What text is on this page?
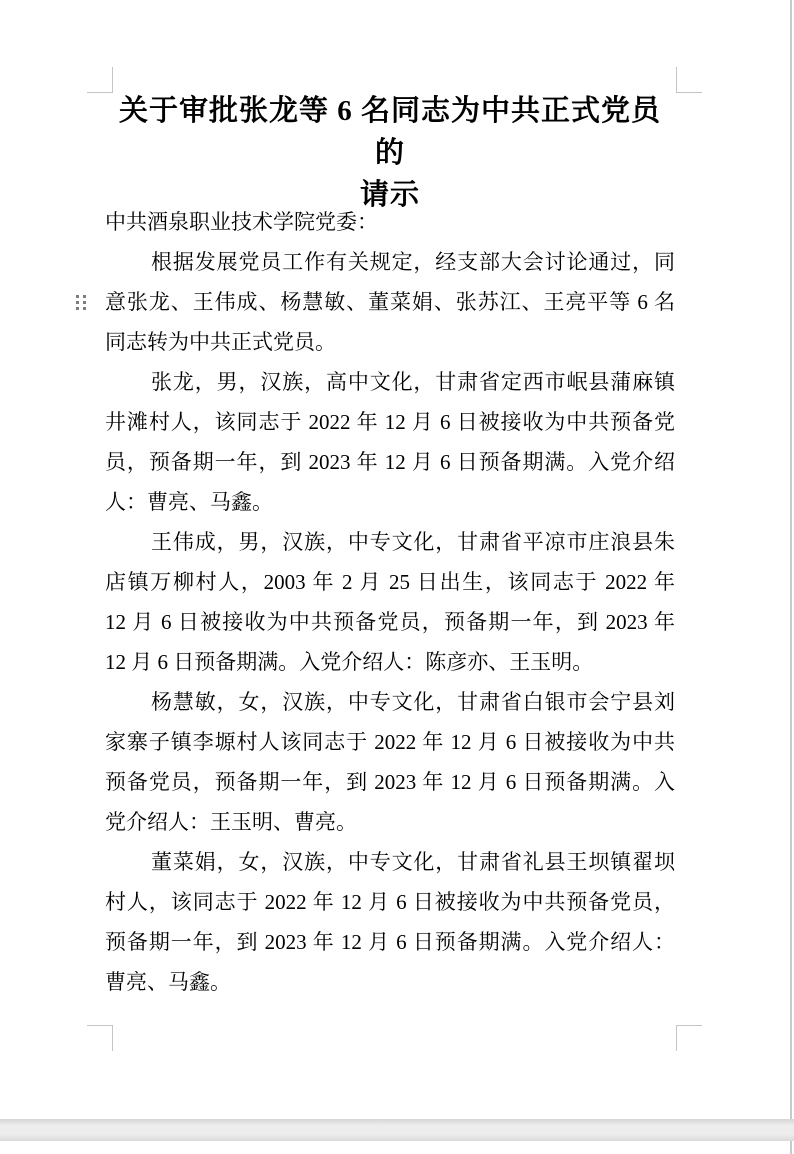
关于审批张龙等 6 名同志为中共正式党员的
请示
中共酒泉职业技术学院党委：
根据发展党员工作有关规定，经支部大会讨论通过，同
意张龙、王伟成、杨慧敏、董菜娟、张苏江、王亮平等 6 名
同志转为中共正式党员。
张龙，男，汉族，高中文化，甘肃省定西市岷县蒲麻镇
井滩村人，该同志于 2022 年 12 月 6 日被接收为中共预备党
员，预备期一年，到 2023 年 12 月 6 日预备期满。入党介绍
人：曹亮、马鑫。
王伟成，男，汉族，中专文化，甘肃省平凉市庄浪县朱
店镇万柳村人，2003 年 2 月 25 日出生，该同志于 2022 年
12 月 6 日被接收为中共预备党员，预备期一年，到 2023 年
12 月 6 日预备期满。入党介绍人：陈彦亦、王玉明。
杨慧敏，女，汉族，中专文化，甘肃省白银市会宁县刘
家寨子镇李塬村人该同志于 2022 年 12 月 6 日被接收为中共
预备党员，预备期一年，到 2023 年 12 月 6 日预备期满。入
党介绍人：王玉明、曹亮。
董菜娟，女，汉族，中专文化，甘肃省礼县王坝镇翟坝
村人，该同志于 2022 年 12 月 6 日被接收为中共预备党员，
预备期一年，到 2023 年 12 月 6 日预备期满。入党介绍人：
曹亮、马鑫。
